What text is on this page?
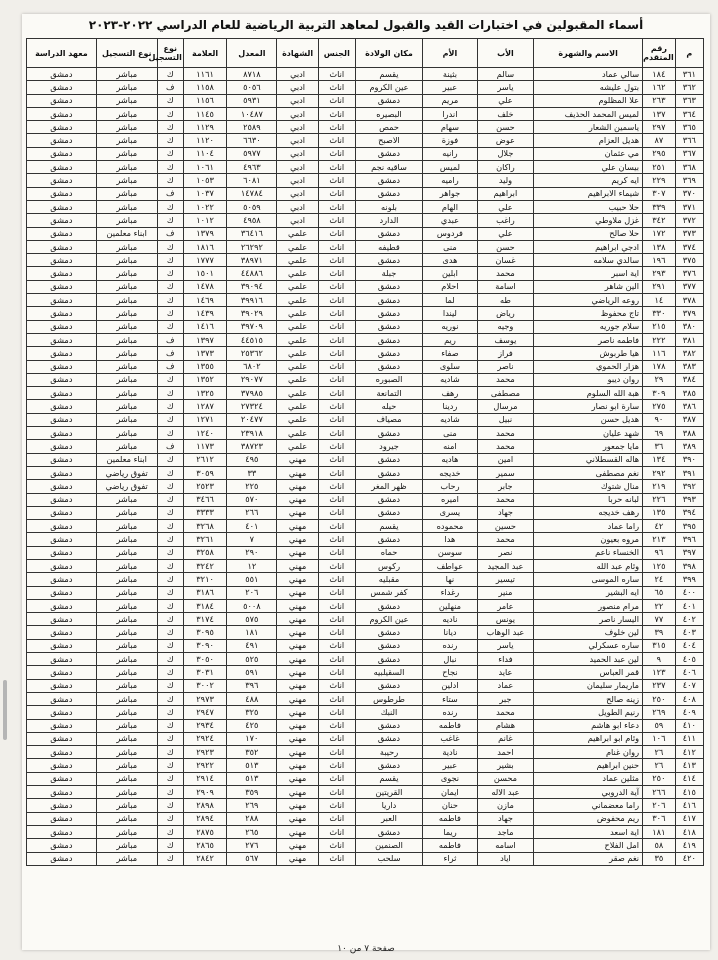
أسماء المقبولين في اختبارات القيد والقبول لمعاهد التربية الرياضية للعام الدراسي ٢٠٢٢-٢٠٢٣
م	رقم المتقدم	الاسم والشهرة	الأب	الأم	مكان الولادة	الجنس	الشهادة	المعدل	العلامة	نوع التسجيل	نوع التسجيل	معهد الدراسة
٣٦١	١٨٤	سالي عماد	سالم	بثينة	يقسم	اناث	ادبي	٨٧١٨	١١٦١	ك	مباشر	دمشق
٣٦٢	١٦٢	بتول عليشه	ياسر	عبير	عين الكروم	اناث	ادبي	٥٠٥٦	١١٥٨	ف	مباشر	دمشق
٣٦٣	٢٦٣	علا المظلوم	علي	مريم	دمشق	اناث	ادبي	٥٩٣١	١١٥٦	ك	مباشر	دمشق
٣٦٤	١٣٧	لميس المحمد الحذيف	خلف	اندرا	البصيره	اناث	ادبي	١٠٤٨٧	١١٤٥	ك	مباشر	دمشق
٣٦٥	٢٩٧	ياسمين الشعار	حسن	سهام	حمص	اناث	ادبي	٢٥٨٩	١١٢٩	ك	مباشر	دمشق
٣٦٦	٨٧	هديل العزام	عوض	فوزة	الاصبح	اناث	ادبي	٦٦٣٠	١١٢٠	ك	مباشر	دمشق
٣٦٧	٢٩٥	مي عثمان	جلال	رانيه	دمشق	اناث	ادبي	٥٩٧٧	١١٠٤	ك	مباشر	دمشق
٣٦٨	٢٥١	بيسان علي	راكان	لميس	ساقيه نجم	اناث	ادبي	٤٩٦٣	١٠٦١	ك	مباشر	دمشق
٣٦٩	٢٢٩	ايه كريم	وليد	راميه	دمشق	اناث	ادبي	٦٠٨١	١٠٥٣	ك	مباشر	دمشق
٣٧٠	٣٠٧	شيماء الابراهيم	ابراهيم	جواهر	دمشق	اناث	ادبي	١٤٧٨٤	١٠٣٧	ف	مباشر	دمشق
٣٧١	٣٣٩	حلا حبيب	علي	الهام	بلونه	اناث	ادبي	٥٠٥٩	١٠٢٢	ك	مباشر	دمشق
٣٧٢	٣٤٢	غزل ملاوطي	راغب	عبدي	الدارد	اناث	ادبي	٤٩٥٨	١٠١٢	ك	مباشر	دمشق
٣٧٣	١٧٢	حلا صالح	علي	فردوس	دمشق	اناث	علمي	٣٦٤١٦	١٣٧٩	ف	ابناء معلمين	دمشق
٣٧٤	١٣٨	ادجي ابراهيم	حسن	منى	قطيفه	اناث	علمي	٢٦٢٩٢	١٨١٦	ك	مباشر	دمشق
٣٧٥	١٩٦	سالدي سلامه	غسان	هدى	دمشق	اناث	علمي	٣٨٩٧١	١٧٧٧	ك	مباشر	دمشق
٣٧٦	٢٩٣	اية اسبر	محمد	ابلين	جبلة	اناث	علمي	٤٤٨٨٦	١٥٠١	ك	مباشر	دمشق
٣٧٧	٢٩١	الين شاهر	اسامة	احلام	دمشق	اناث	علمي	٣٩٠٩٤	١٤٧٨	ك	مباشر	دمشق
٣٧٨	١٤	روعه الرياضي	طه	لما	دمشق	اناث	علمي	٣٩٩١٦	١٤٦٩	ك	مباشر	دمشق
٣٧٩	٣٣٠	تاج محفوظ	رياض	ليندا	دمشق	اناث	علمي	٣٩٠٢٩	١٤٣٩	ك	مباشر	دمشق
٣٨٠	٢١٥	سلام جوريه	وجيه	نوريه	دمشق	اناث	علمي	٣٩٧٠٩	١٤١٦	ك	مباشر	دمشق
٣٨١	٢٢٢	فاطمه ناصر	يوسف	ريم	دمشق	اناث	علمي	٤٤٥١٥	١٣٩٧	ف	مباشر	دمشق
٣٨٢	١١٦	هيا طربوش	فراز	صفاء	دمشق	اناث	علمي	٢٥٣٦٢	١٣٧٣	ف	مباشر	دمشق
٣٨٣	١٧٨	هزار الحموي	ناصر	سلوى	دمشق	اناث	علمي	٦٨٠٢	١٣٥٥	ف	مباشر	دمشق
٣٨٤	٢٩	روان ديبو	محمد	شاديه	الصبوره	اناث	علمي	٢٩٠٧٧	١٣٥٢	ك	مباشر	دمشق
٣٨٥	٣٠٩	هبة الله السلوم	مصطفى	رهف	التمانعة	اناث	علمي	٣٧٩٨٥	١٣٢٥	ك	مباشر	دمشق
٣٨٦	٢٧٥	سارة ابو نصار	مرسال	ردينا	حيله	اناث	علمي	٢٧٣٢٤	١٢٨٧	ك	مباشر	دمشق
٣٨٧	٩٠	هديل حسن	نبيل	شاديه	مصياف	اناث	علمي	٢٠٤٧٧	١٢٧١	ك	مباشر	دمشق
٣٨٨	٦٩	شهد عليان	محمد	منى	دمشق	اناث	علمي	٢٣٩١٨	١٢٤٠	ك	مباشر	دمشق
٣٨٩	٣٦	مايا جمعور	محمد	امنه	جيرود	اناث	علمي	٣٨٧٢٣	١١٧٣	ف	مباشر	دمشق
٣٩٠	١٣٤	هاله القسطلاني	امين	هاديه	دمشق	اناث	مهني	٤٩٥	٢٦١٢	ك	ابناء معلمين	دمشق
٣٩١	٢٩٢	نغم مصطفى	سمير	خديجه	دمشق	اناث	مهني	٣٣	٣٠٥٩	ك	تفوق رياضي	دمشق
٣٩٢	٢١٩	منال شتوك	جابر	رحاب	ظهر المغر	اناث	مهني	٢٢٥	٢٥٢٣	ك	تفوق رياضي	دمشق
٣٩٣	٢٢٦	لبانه حربا	محمد	اميره	دمشق	اناث	مهني	٥٧٠	٣٤٦٦	ك	مباشر	دمشق
٣٩٤	١٣٥	رهف خديجه	جهاد	يسرى	دمشق	اناث	مهني	٢٦٦	٣٣٣٣	ك	مباشر	دمشق
٣٩٥	٤٢	راما عماد	حسين	محموده	يقسم	اناث	مهني	٤٠١	٣٢٦٨	ك	مباشر	دمشق
٣٩٦	٢١٣	مروه بعيون	محمد	هدا	دمشق	اناث	مهني	٧	٣٢٦١	ك	مباشر	دمشق
٣٩٧	٩٦	الخنساء ناعم	نصر	سوسن	حماه	اناث	مهني	٢٩٠	٣٢٥٨	ك	مباشر	دمشق
٣٩٨	١٢٥	وئام عبد الله	عبد المجيد	عواطف	ركوس	اناث	مهني	١٢	٣٢٤٢	ك	مباشر	دمشق
٣٩٩	٢٤	ساره الموسى	تيسير	نها	مقبليه	اناث	مهني	٥٥١	٣٢١٠	ك	مباشر	دمشق
٤٠٠	٦٥	ايه البشير	منير	رغداء	كفر شمس	اناث	مهني	٢٠٦	٣١٨٦	ك	مباشر	دمشق
٤٠١	٢٢	مرام منصور	عامر	منهلين	دمشق	اناث	مهني	٥٠٠٨	٣١٨٤	ك	مباشر	دمشق
٤٠٢	٧٧	اليسار ناصر	يونس	ناديه	عين الكروم	اناث	مهني	٥٧٥	٣١٧٤	ك	مباشر	دمشق
٤٠٣	٣٩	لين خلوف	عبد الوهاب	ديانا	دمشق	اناث	مهني	١٨١	٣٠٩٥	ك	مباشر	دمشق
٤٠٤	٣١٥	ساره عسكرلي	ياسر	رنده	دمشق	اناث	مهني	٤٩١	٣٠٩٠	ك	مباشر	دمشق
٤٠٥	٩	لين عبد الحميد	فداء	نبال	دمشق	اناث	مهني	٥٢٥	٣٠٥٠	ك	مباشر	دمشق
٤٠٦	١٢٣	قمر العباس	عايد	نجاح	السقيلبيه	اناث	مهني	٥٩١	٣٠٣١	ك	مباشر	دمشق
٤٠٧	٢٣٧	ماريمار سليمان	عماد	ادلين	دمشق	اناث	مهني	٣٩٦	٣٠٠٢	ك	مباشر	دمشق
٤٠٨	٢٥٠	زينه صالح	جبر	ستاء	طرطوس	اناث	مهني	٤٨٨	٢٩٧٣	ك	مباشر	دمشق
٤٠٩	٢٦٩	رنيم الطويل	محمد	رنده	النبك	اناث	مهني	٣٢٥	٢٩٤٧	ك	مباشر	دمشق
٤١٠	٥٩	دعاء ابو هاشم	هشام	فاطمه	دمشق	اناث	مهني	٤٢٥	٢٩٣٤	ك	مباشر	دمشق
٤١١	١٠٦	وئام ابو ابراهيم	غانم	غاغب	دمشق	اناث	مهني	١٧٠	٢٩٢٤	ك	مباشر	دمشق
٤١٢	٢٦	روان غنام	احمد	نادية	رحيبة	اناث	مهني	٣٥٢	٢٩٢٣	ك	مباشر	دمشق
٤١٣	٢٦	حنين ابراهيم	بشير	عبير	دمشق	اناث	مهني	٥١٣	٢٩٢٢	ك	مباشر	دمشق
٤١٤	٢٥٠	مثلين عماد	محسن	نجوى	يقسم	اناث	مهني	٥١٣	٢٩١٤	ك	مباشر	دمشق
٤١٥	٢٦٦	آية الدروبي	عبد الاله	ايمان	القريتين	اناث	مهني	٣٥٩	٢٩٠٩	ك	مباشر	دمشق
٤١٦	٢٠٦	راما معضماني	مازن	حنان	داريا	اناث	مهني	٢٦٩	٢٨٩٨	ك	مباشر	دمشق
٤١٧	٣٠٦	ريم محفوض	جهاد	فاطمه	العبر	اناث	مهني	٢٨٨	٢٨٩٤	ك	مباشر	دمشق
٤١٨	١٨١	اية اسعد	ماجد	ريما	دمشق	اناث	مهني	٢٦٥	٢٨٧٥	ك	مباشر	دمشق
٤١٩	٥٨	امل الفلاح	اسامه	فاطمه	الصنمين	اناث	مهني	٢٧٦	٢٨٦٥	ك	مباشر	دمشق
٤٢٠	٣٥	نغم صقر	اياد	ثراء	سلحب	اناث	مهني	٥٦٧	٢٨٤٢	ك	مباشر	دمشق
صفحة ٧ من ١٠
